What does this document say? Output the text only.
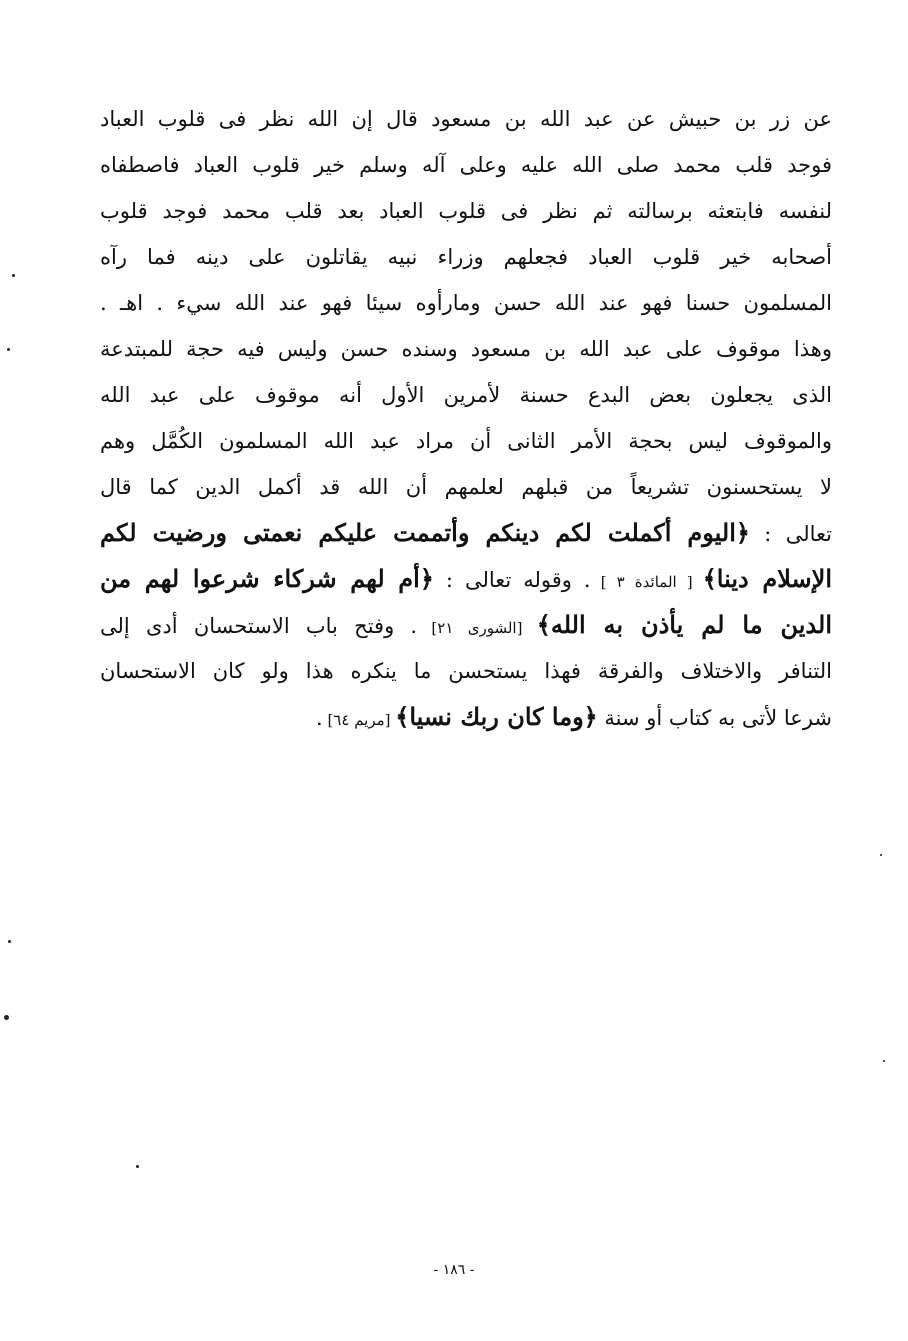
عن زر بن حبيش عن عبد الله بن مسعود قال إن الله نظر فى قلوب العباد
فوجد قلب محمد صلى الله عليه وعلى آله وسلم خير قلوب العباد فاصطفاه
لنفسه فابتعثه برسالته ثم نظر فى قلوب العباد بعد قلب محمد فوجد قلوب
أصحابه خير قلوب العباد فجعلهم وزراء نبيه يقاتلون على دينه فما رآه
المسلمون حسنا فهو عند الله حسن ومارأوه سيئا فهو عند الله سيء . اهـ .
وهذا موقوف على عبد الله بن مسعود وسنده حسن وليس فيه حجة للمبتدعة
الذى يجعلون بعض البدع حسنة لأمرين الأول أنه موقوف على عبد الله
والموقوف ليس بحجة الأمر الثانى أن مراد عبد الله المسلمون الكُمَّل وهم
لا يستحسنون تشريعاً من قبلهم لعلمهم أن الله قد أكمل الدين كما قال
تعالى : ﴿اليوم أكملت لكم دينكم وأتممت عليكم نعمتى ورضيت لكم
الإسلام دينا﴾ [ المائدة ٣ ] . وقوله تعالى : ﴿أم لهم شركاء شرعوا لهم من
الدين ما لم يأذن به الله﴾ [الشورى ٢١] . وفتح باب الاستحسان أدى إلى
التنافر والاختلاف والفرقة فهذا يستحسن ما ينكره هذا ولو كان الاستحسان
شرعا لأتى به كتاب أو سنة ﴿وما كان ربك نسيا﴾ [مريم ٦٤] .
- ١٨٦ -
